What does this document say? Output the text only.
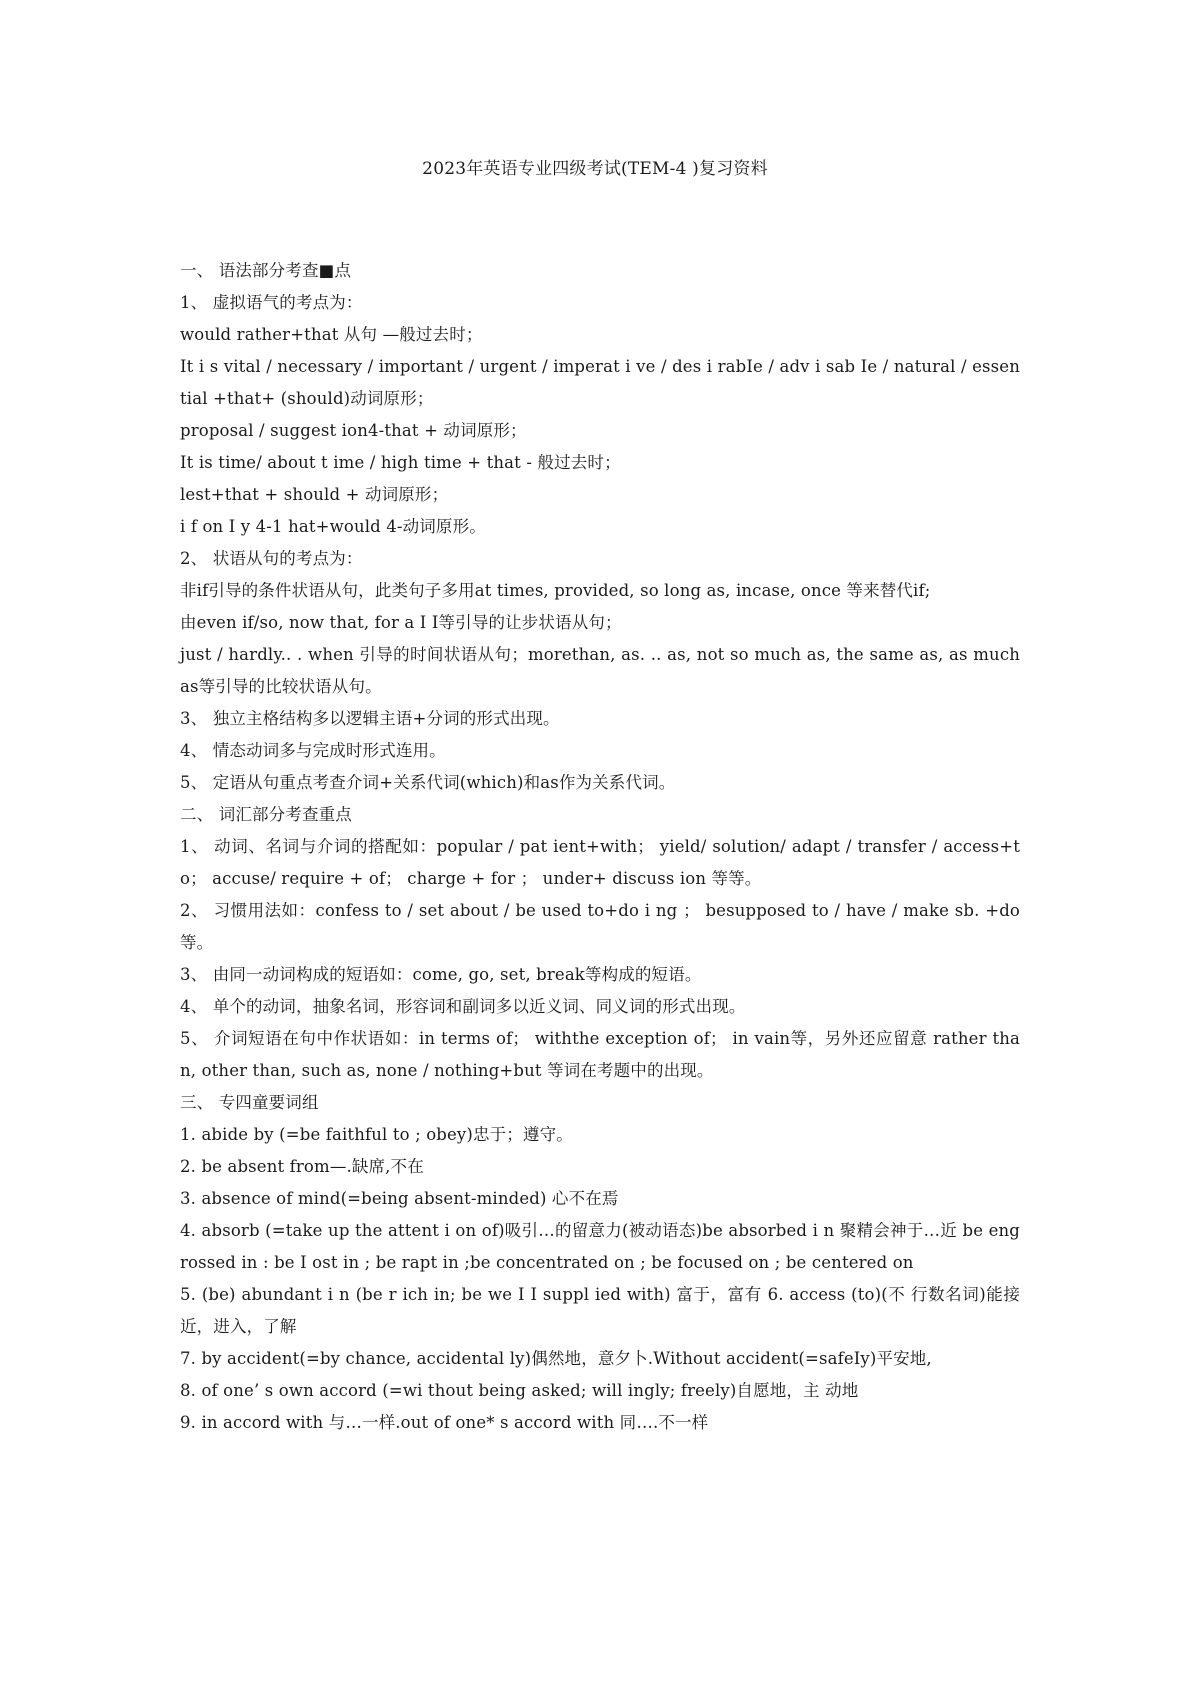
2023年英语专业四级考试(TEM-4 )复习资料

一、 语法部分考查■点

1、 虚拟语气的考点为：

would rather+that 从句 —般过去时；

It i s vital / necessary / important / urgent / imperat i ve / des i rabIe / adv i sab Ie / natural / essential +that+ (should)动词原形；

proposal / suggest ion4-that + 动词原形；

It is time/ about t ime / high time + that - 般过去时；

lest+that + should + 动词原形；

i f on I y 4-1 hat+would 4-动词原形。

2、 状语从句的考点为：

非if引导的条件状语从句，此类句子多用at times, provided, so long as, incase, once 等来替代if;

由even if/so, now that, for a I I等引导的让步状语从句；

just / hardly.. . when 引导的时间状语从句；morethan, as. .. as, not so much as, the same as, as much as等引导的比较状语从句。

3、 独立主格结构多以逻辑主语+分词的形式出现。

4、 情态动词多与完成时形式连用。

5、 定语从句重点考查介词+关系代词(which)和as作为关系代词。

二、 词汇部分考查重点

1、 动词、名词与介词的搭配如：popular / pat ient+with； yield/ solution/ adapt / transfer / access+to； accuse/ require + of； charge + for ； under+ discuss ion 等等。

2、 习惯用法如：confess to / set about / be used to+do i ng ； besupposed to / have / make sb. +do 等。

3、 由同一动词构成的短语如：come, go, set, break等构成的短语。

4、 单个的动词，抽象名词，形容词和副词多以近义词、同义词的形式出现。

5、 介词短语在句中作状语如：in terms of； withthe exception of； in vain等，另外还应留意 rather than, other than, such as, none / nothing+but 等词在考题中的出现。

三、 专四童要词组

1. abide by (=be faithful to ; obey)忠于；遵守。

2. be absent from—.缺席,不在

3. absence of mind(=being absent-minded) 心不在焉

4. absorb (=take up the attent i on of)吸引…的留意力(被动语态)be absorbed i n 聚精会神于…近 be engrossed in : be I ost in ; be rapt in ;be concentrated on ; be focused on ; be centered on

5. (be) abundant i n (be r ich in; be we I I suppl ied with) 富于，富有 6. access (to)(不 行数名词)能接近，进入，了解

7. by accident(=by chance, accidental ly)偶然地，意夕卜.Without accident(=safeIy)平安地,

8. of one’ s own accord (=wi thout being asked; will ingly; freely)自愿地，主 动地

9. in accord with 与…一样.out of one* s accord with 同….不一样
